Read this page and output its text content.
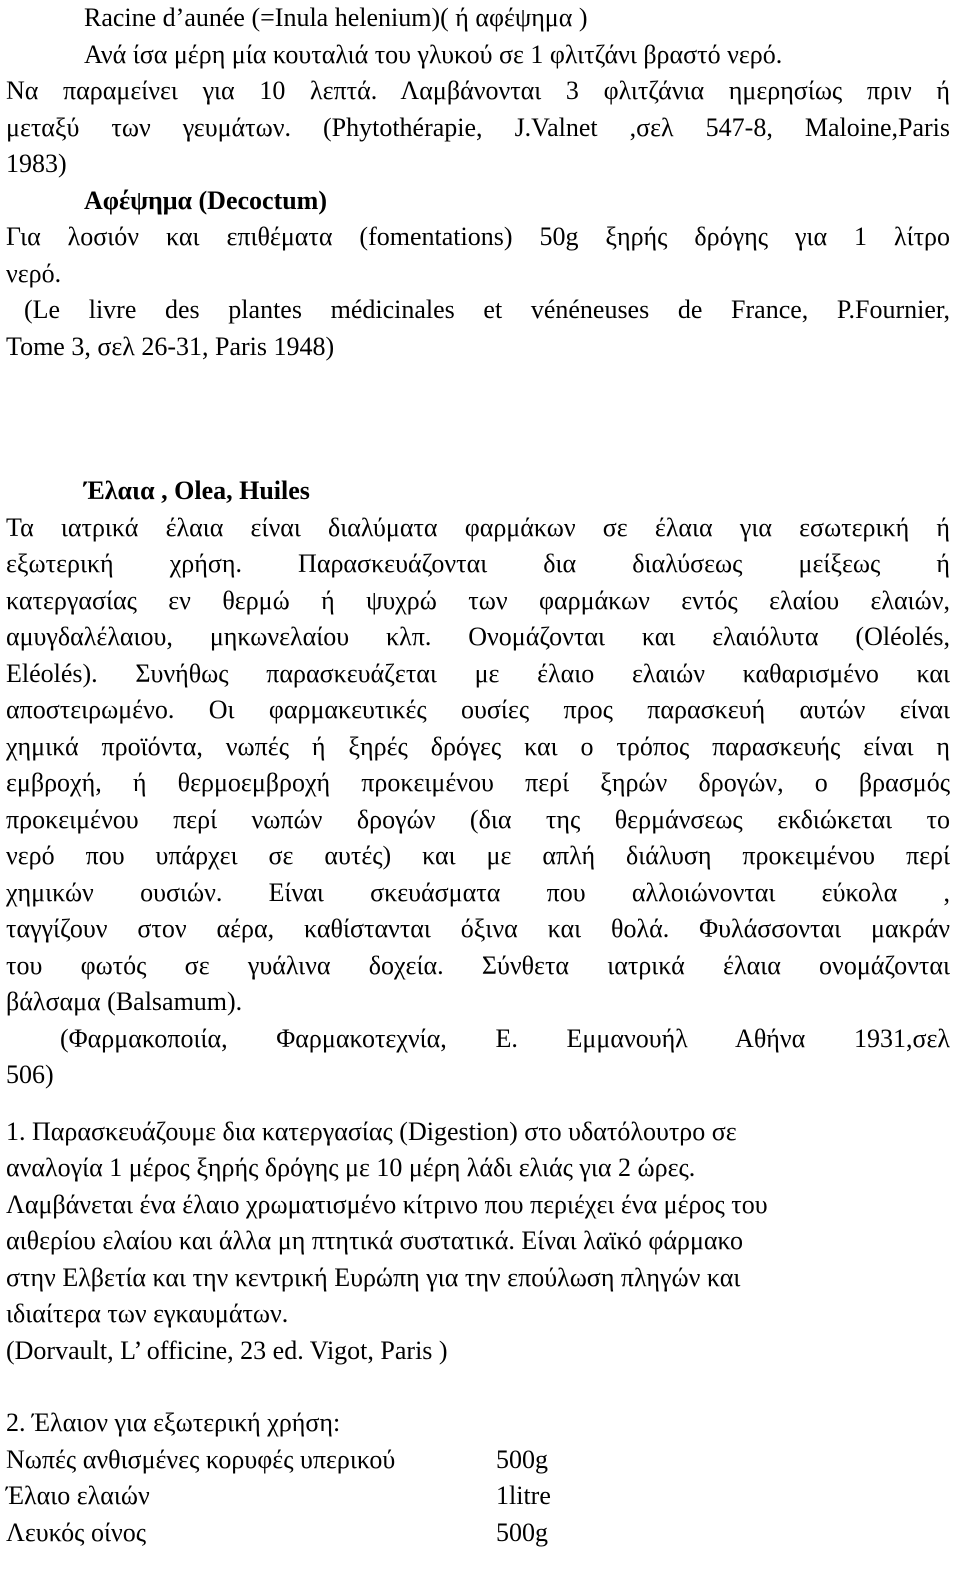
Racine d’aunée (=Inula helenium)( ή αφέψημα )

Ανά ίσα μέρη μία κουταλιά του γλυκού σε 1 φλιτζάνι βραστό νερό.

Να παραμείνει για 10 λεπτά. Λαμβάνονται 3 φλιτζάνια ημερησίως πριν ή
μεταξύ των γευμάτων. (Phytothérapie, J.Valnet ,σελ 547-8, Maloine,Paris

1983)

Αφέψημα (Decoctum)

Για λοσιόν και επιθέματα (fomentations) 50g ξηρής δρόγης για 1 λίτρο

νερό.

(Le livre des plantes médicinales et vénéneuses de France, P.Fournier,

Tome 3, σελ 26-31, Paris 1948)

Έλαια , Olea, Huiles

Τα ιατρικά έλαια είναι διαλύματα φαρμάκων σε έλαια για εσωτερική ή
εξωτερική χρήση. Παρασκευάζονται δια διαλύσεως μείξεως ή
κατεργασίας εν θερμώ ή ψυχρώ των φαρμάκων εντός ελαίου ελαιών,
αμυγδαλέλαιου, μηκωνελαίου κλπ. Ονομάζονται και ελαιόλυτα (Oléolés,
Eléolés). Συνήθως παρασκευάζεται με έλαιο ελαιών καθαρισμένο και
αποστειρωμένο. Οι φαρμακευτικές ουσίες προς παρασκευή αυτών είναι
χημικά προϊόντα, νωπές ή ξηρές δρόγες και ο τρόπος παρασκευής είναι η
εμβροχή, ή θερμοεμβροχή προκειμένου περί ξηρών δρογών, ο βρασμός
προκειμένου περί νωπών δρογών (δια της θερμάνσεως εκδιώκεται το
νερό που υπάρχει σε αυτές) και με απλή διάλυση προκειμένου περί
χημικών ουσιών. Είναι σκευάσματα που αλλοιώνονται εύκολα ,
ταγγίζουν στον αέρα, καθίστανται όξινα και θολά. Φυλάσσονται μακράν
του φωτός σε γυάλινα δοχεία. Σύνθετα ιατρικά έλαια ονομάζονται

βάλσαμα (Balsamum).

(Φαρμακοποιία, Φαρμακοτεχνία, Ε. Εμμανουήλ Αθήνα 1931,σελ

506)

1. Παρασκευάζουμε δια κατεργασίας (Digestion) στο υδατόλουτρο σε

αναλογία 1 μέρος ξηρής δρόγης με 10 μέρη λάδι ελιάς για 2 ώρες.

Λαμβάνεται ένα έλαιο χρωματισμένο κίτρινο που περιέχει ένα μέρος του

αιθερίου ελαίου και άλλα μη πτητικά συστατικά. Είναι λαϊκό φάρμακο

στην Ελβετία και την κεντρική Ευρώπη για την επούλωση πληγών και

ιδιαίτερα των εγκαυμάτων.

(Dorvault, L’ officine, 23 ed. Vigot, Paris )

2. Έλαιον για εξωτερική χρήση:

Νωπές ανθισμένες κορυφές υπερικού	500g
Έλαιο ελαιών	1litre
Λευκός οίνος	500g
